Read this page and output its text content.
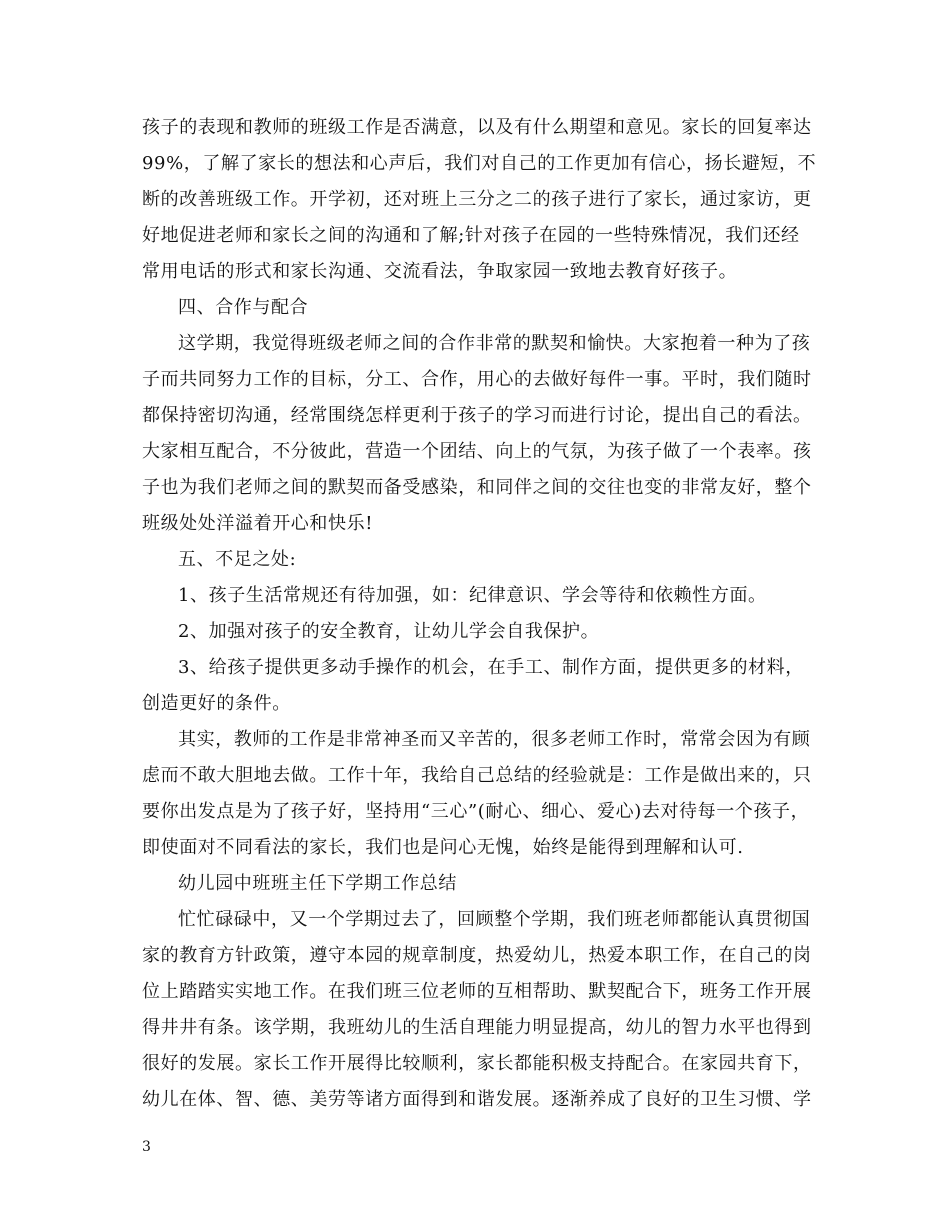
孩子的表现和教师的班级工作是否满意，以及有什么期望和意见。家长的回复率达
99%，了解了家长的想法和心声后，我们对自己的工作更加有信心，扬长避短，不
断的改善班级工作。开学初，还对班上三分之二的孩子进行了家长，通过家访，更
好地促进老师和家长之间的沟通和了解;针对孩子在园的一些特殊情况，我们还经
常用电话的形式和家长沟通、交流看法，争取家园一致地去教育好孩子。
四、合作与配合
这学期，我觉得班级老师之间的合作非常的默契和愉快。大家抱着一种为了孩
子而共同努力工作的目标，分工、合作，用心的去做好每件一事。平时，我们随时
都保持密切沟通，经常围绕怎样更利于孩子的学习而进行讨论，提出自己的看法。
大家相互配合，不分彼此，营造一个团结、向上的气氛，为孩子做了一个表率。孩
子也为我们老师之间的默契而备受感染，和同伴之间的交往也变的非常友好，整个
班级处处洋溢着开心和快乐!
五、不足之处:
1、孩子生活常规还有待加强，如：纪律意识、学会等待和依赖性方面。
2、加强对孩子的安全教育，让幼儿学会自我保护。
3、给孩子提供更多动手操作的机会，在手工、制作方面，提供更多的材料，
创造更好的条件。
其实，教师的工作是非常神圣而又辛苦的，很多老师工作时，常常会因为有顾
虑而不敢大胆地去做。工作十年，我给自己总结的经验就是：工作是做出来的，只
要你出发点是为了孩子好，坚持用“三心”(耐心、细心、爱心)去对待每一个孩子，
即使面对不同看法的家长，我们也是问心无愧，始终是能得到理解和认可.
幼儿园中班班主任下学期工作总结
忙忙碌碌中，又一个学期过去了，回顾整个学期，我们班老师都能认真贯彻国
家的教育方针政策，遵守本园的规章制度，热爱幼儿，热爱本职工作，在自己的岗
位上踏踏实实地工作。在我们班三位老师的互相帮助、默契配合下，班务工作开展
得井井有条。该学期，我班幼儿的生活自理能力明显提高，幼儿的智力水平也得到
很好的发展。家长工作开展得比较顺利，家长都能积极支持配合。在家园共育下，
幼儿在体、智、德、美劳等诸方面得到和谐发展。逐渐养成了良好的卫生习惯、学
3
